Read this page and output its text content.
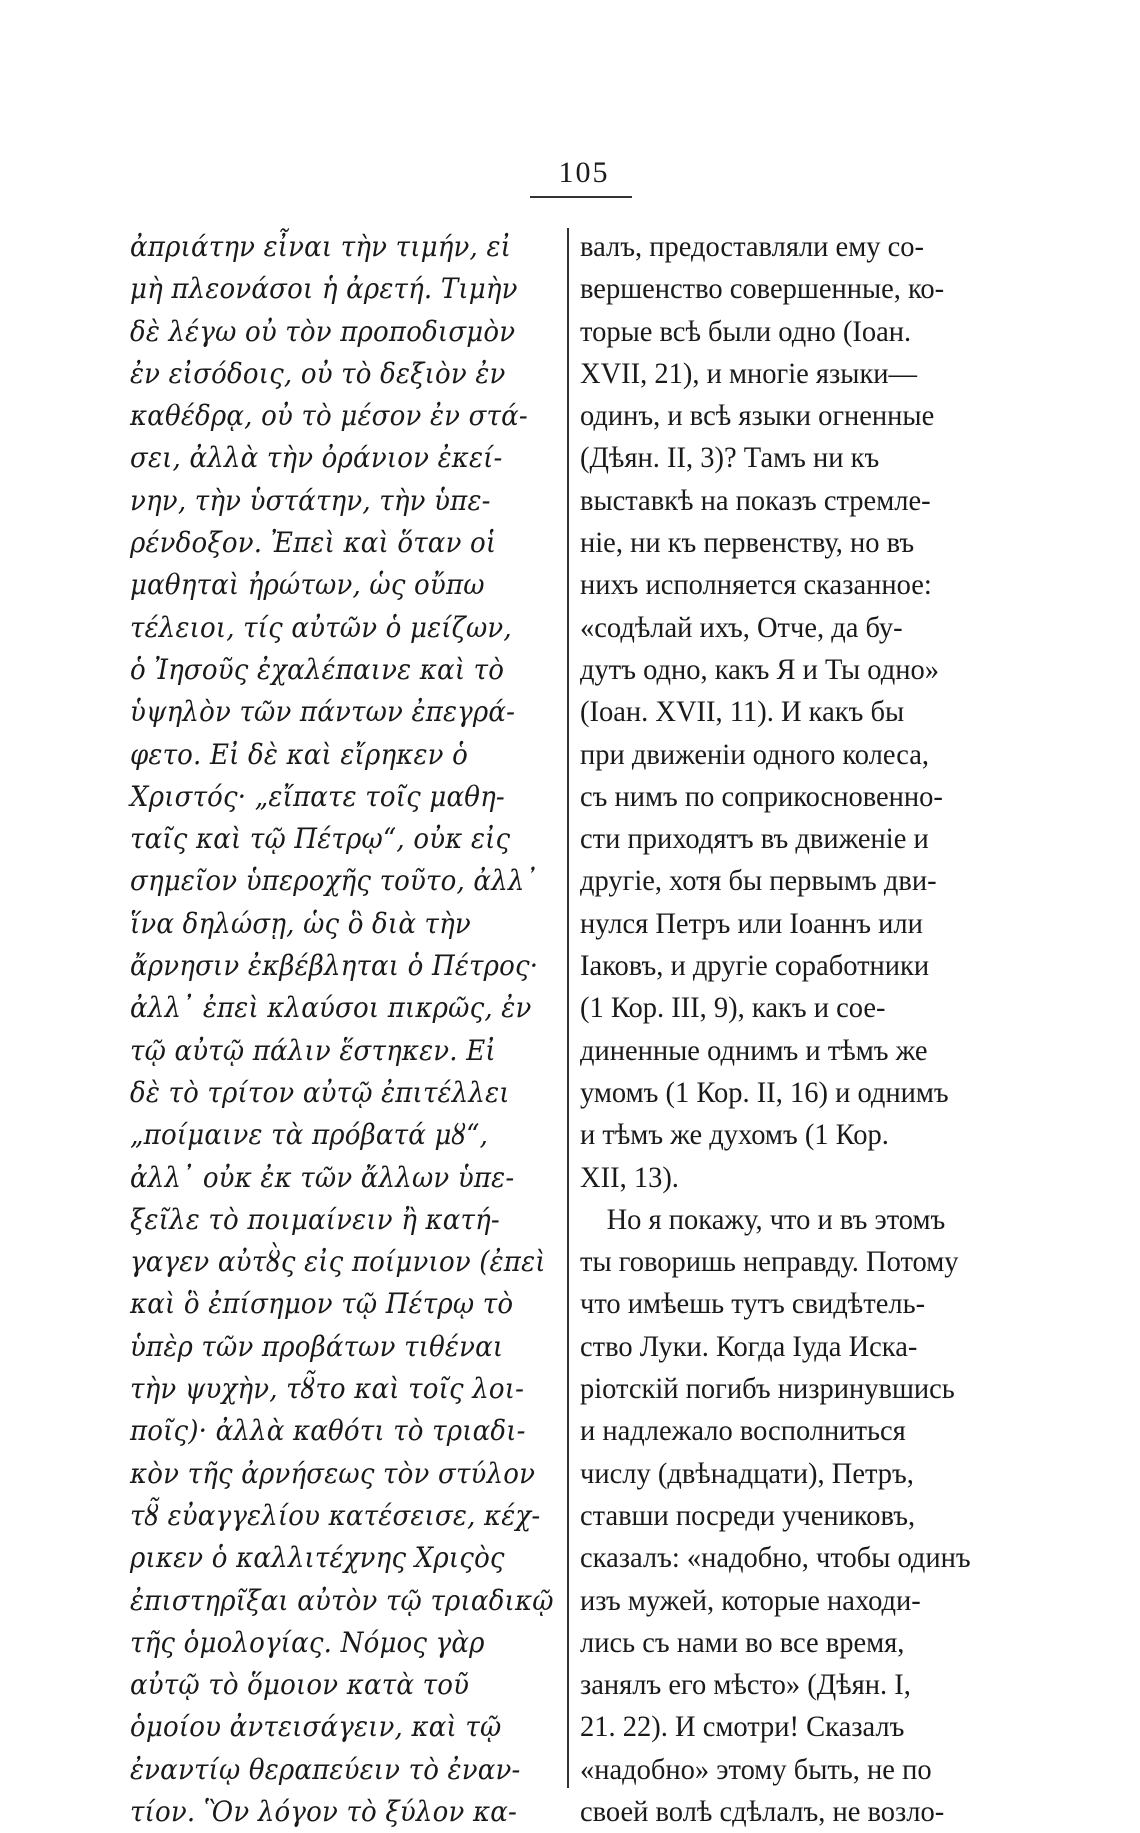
105
ἀπριάτην εἶναι τὴν τιμήν, εἰ
μὴ πλεονάσοι ἡ ἀρετή. Τιμὴν
δὲ λέγω οὐ τὸν προποδισμὸν
ἐν εἰσόδοις, οὐ τὸ δεξιὸν ἐν
καθέδρᾳ, οὐ τὸ μέσον ἐν στά-
σει, ἀλλὰ τὴν ὀράνιον ἐκεί-
νην, τὴν ὑστάτην, τὴν ὑπε-
ρένδοξον. Ἐπεὶ καὶ ὅταν οἱ
μαθηταὶ ἠρώτων, ὡς οὔπω
τέλειοι, τίς αὐτῶν ὁ μείζων,
ὁ Ἰησοῦς ἐχαλέπαινε καὶ τὸ
ὑψηλὸν τῶν πάντων ἐπεγρά-
φετο. Εἰ δὲ καὶ εἴρηκεν ὁ
Χριστός· „εἴπατε τοῖς μαθη-
ταῖς καὶ τῷ Πέτρῳ“, οὐκ εἰς
σημεῖον ὑπεροχῆς τοῦτο, ἀλλ᾿
ἵνα δηλώσῃ, ὡς ὃ διὰ τὴν
ἄρνησιν ἐκβέβληται ὁ Πέτρος·
ἀλλ᾿ ἐπεὶ κλαύσοι πικρῶς, ἐν
τῷ αὐτῷ πάλιν ἕστηκεν. Εἰ
δὲ τὸ τρίτον αὐτῷ ἐπιτέλλει
„ποίμαινε τὰ πρόβατά μȣ“,
ἀλλ᾿ οὐκ ἐκ τῶν ἄλλων ὑπε-
ξεῖλε τὸ ποιμαίνειν ἢ κατή-
γαγεν αὐτȣ̀ς εἰς ποίμνιον (ἐπεὶ
καὶ ὃ ἐπίσημον τῷ Πέτρῳ τὸ
ὑπὲρ τῶν προβάτων τιθέναι
τὴν ψυχὴν, τȣ̃το καὶ τοῖς λοι-
ποῖς)· ἀλλὰ καθότι τὸ τριαδι-
κὸν τῆς ἀρνήσεως τὸν στύλον
τȣ̃ εὐαγγελίου κατέσεισε, κέχ-
ρικεν ὁ καλλιτέχνης Χριςὸς
ἐπιστηρῖξαι αὐτὸν τῷ τριαδικῷ
τῆς ὁμολογίας. Νόμος γὰρ
αὐτῷ τὸ ὅμοιον κατὰ τοῦ
ὁμοίου ἀντεισάγειν, καὶ τῷ
ἐναντίῳ θεραπεύειν τὸ ἐναν-
τίον. Ὃν λόγον τὸ ξύλον κα-
валъ, предоставляли ему со-
вершенство совершенные, ко-
торые всѣ были одно (Іоан.
XVII, 21), и многіе языки—
одинъ, и всѣ языки огненные
(Дѣян. II, 3)? Тамъ ни къ
выставкѣ на показъ стремле-
ніе, ни къ первенству, но въ
нихъ исполняется сказанное:
«содѣлай ихъ, Отче, да бу-
дутъ одно, какъ Я и Ты одно»
(Іоан. XVII, 11). И какъ бы
при движеніи одного колеса,
съ нимъ по соприкосновенно-
сти приходятъ въ движеніе и
другіе, хотя бы первымъ дви-
нулся Петръ или Іоаннъ или
Іаковъ, и другіе соработники
(1 Кор. III, 9), какъ и сое-
диненные однимъ и тѣмъ же
умомъ (1 Кор. II, 16) и однимъ
и тѣмъ же духомъ (1 Кор.
XII, 13).
Но я покажу, что и въ этомъ
ты говоришь неправду. Потому
что имѣешь тутъ свидѣтель-
ство Луки. Когда Іуда Иска-
ріотскій погибъ низринувшись
и надлежало восполниться
числу (двѣнадцати), Петръ,
ставши посреди учениковъ,
сказалъ: «надобно, чтобы одинъ
изъ мужей, которые находи-
лись съ нами во все время,
занялъ его мѣсто» (Дѣян. I,
21. 22). И смотри! Сказалъ
«надобно» этому быть, не по
своей волѣ сдѣлалъ, не возло-
